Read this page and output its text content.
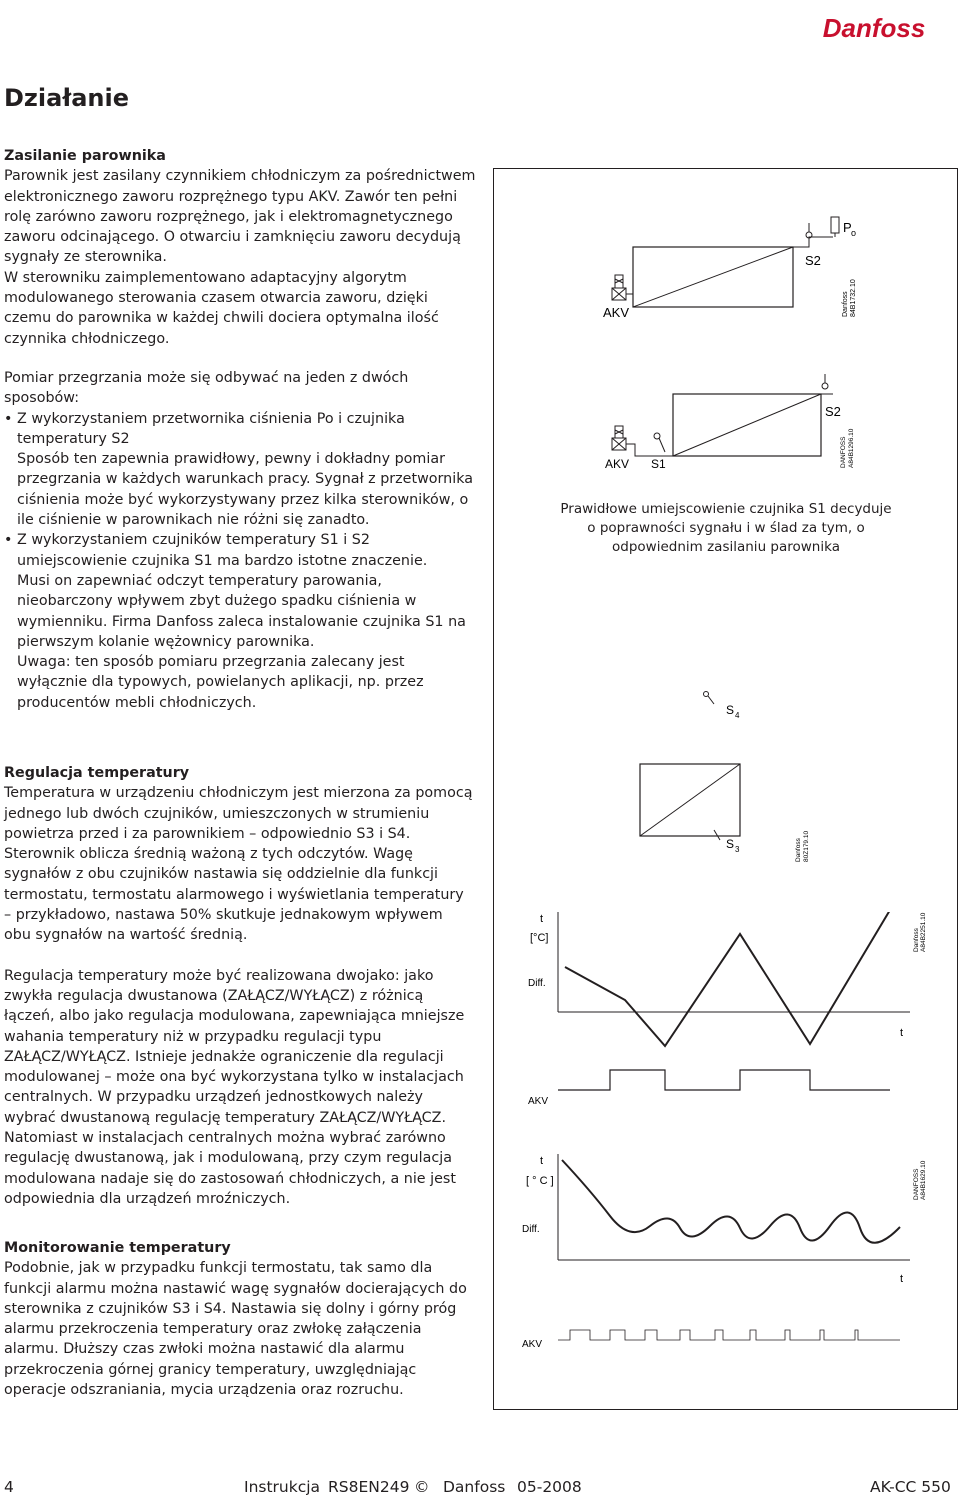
Danfoss
Działanie
Zasilanie parownika
Parownik jest zasilany czynnikiem chłodniczym za pośrednictwem elektronicznego zaworu rozprężnego typu AKV. Zawór ten pełni rolę zarówno zaworu rozprężnego, jak i elektromagnetycznego zaworu odcinającego. O otwarciu i zamknięciu zaworu decydują sygnały ze sterownika.
W sterowniku zaimplementowano adaptacyjny algorytm modulowanego sterowania czasem otwarcia zaworu, dzięki czemu do parownika w każdej chwili dociera optymalna ilość czynnika chłodniczego.
Pomiar przegrzania może się odbywać na jeden z dwóch sposobów:
• Z wykorzystaniem przetwornika ciśnienia Po i czujnika temperatury S2
Sposób ten zapewnia prawidłowy, pewny i dokładny pomiar przegrzania w każdych warunkach pracy. Sygnał z przetwornika ciśnienia może być wykorzystywany przez kilka sterowników, o ile ciśnienie w parownikach nie różni się zanadto.
• Z wykorzystaniem czujników temperatury S1 i S2 umiejscowienie czujnika S1 ma bardzo istotne znaczenie.
Musi on zapewniać odczyt temperatury parowania, nieobarczony wpływem zbyt dużego spadku ciśnienia w wymienniku. Firma Danfoss zaleca instalowanie czujnika S1 na pierwszym kolanie wężownicy parownika.
Uwaga: ten sposób pomiaru przegrzania zalecany jest wyłącznie dla typowych, powielanych aplikacji, np. przez producentów mebli chłodniczych.
Regulacja temperatury
Temperatura w urządzeniu chłodniczym jest mierzona za pomocą jednego lub dwóch czujników, umieszczonych w strumieniu powietrza przed i za parownikiem – odpowiednio S3 i S4. Sterownik oblicza średnią ważoną z tych odczytów. Wagę sygnałów z obu czujników nastawia się oddzielnie dla funkcji termostatu, termostatu alarmowego i wyświetlania temperatury – przykładowo, nastawa 50% skutkuje jednakowym wpływem obu sygnałów na wartość średnią.
Regulacja temperatury może być realizowana dwojako: jako zwykła regulacja dwustanowa (ZAŁĄCZ/WYŁĄCZ) z różnicą łączeń, albo jako regulacja modulowana, zapewniająca mniejsze wahania temperatury niż w przypadku regulacji typu ZAŁĄCZ/WYŁĄCZ. Istnieje jednakże ograniczenie dla regulacji modulowanej – może ona być wykorzystana tylko w instalacjach centralnych. W przypadku urządzeń jednostkowych należy wybrać dwustanową regulację temperatury ZAŁĄCZ/WYŁĄCZ. Natomiast w instalacjach centralnych można wybrać zarówno regulację dwustanową, jak i modulowaną, przy czym regulacja modulowana nadaje się do zastosowań chłodniczych, a nie jest odpowiednia dla urządzeń mroźniczych.
Monitorowanie temperatury
Podobnie, jak w przypadku funkcji termostatu, tak samo dla funkcji alarmu można nastawić wagę sygnałów docierających do sterownika z czujników S3 i S4. Nastawia się dolny i górny próg alarmu przekroczenia temperatury oraz zwłokę załączenia alarmu. Dłuższy czas zwłoki można nastawić dla alarmu przekroczenia górnej granicy temperatury, uwzględniając operacje odszraniania, mycia urządzenia oraz rozruchu.
AKV
S2
P o
Danfoss 84B1732.10
AKV S1
S2
DANFOSS A84B1296.10
Prawidłowe umiejscowienie czujnika S1 decyduje o poprawności sygnału i w ślad za tym, o odpowiednim zasilaniu parownika
S 4
S 3	Danfoss 80Z179.10
t
[°C]
Diff.
t
AKV
Danfoss A84B2251.10
t
[ ° C ]
Diff.
t
AKV
DANFOSS A84B1629.10
4	Instrukcja RS8EN249 © Danfoss 05-2008	AK-CC 550
